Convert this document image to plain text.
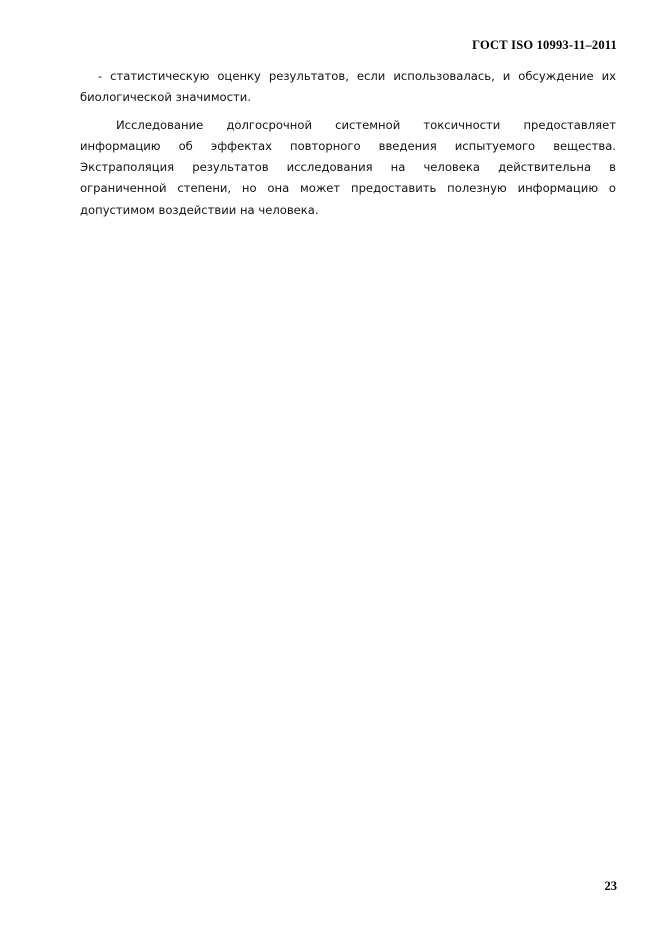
ГОСТ ISO 10993-11–2011

- статистическую оценку результатов, если использовалась, и обсуждение их биологической значимости.

Исследование долгосрочной системной токсичности предоставляет информацию об эффектах повторного введения испытуемого вещества. Экстраполяция результатов исследования на человека действительна в ограниченной степени, но она может предоставить полезную информацию о допустимом воздействии на человека.

23
